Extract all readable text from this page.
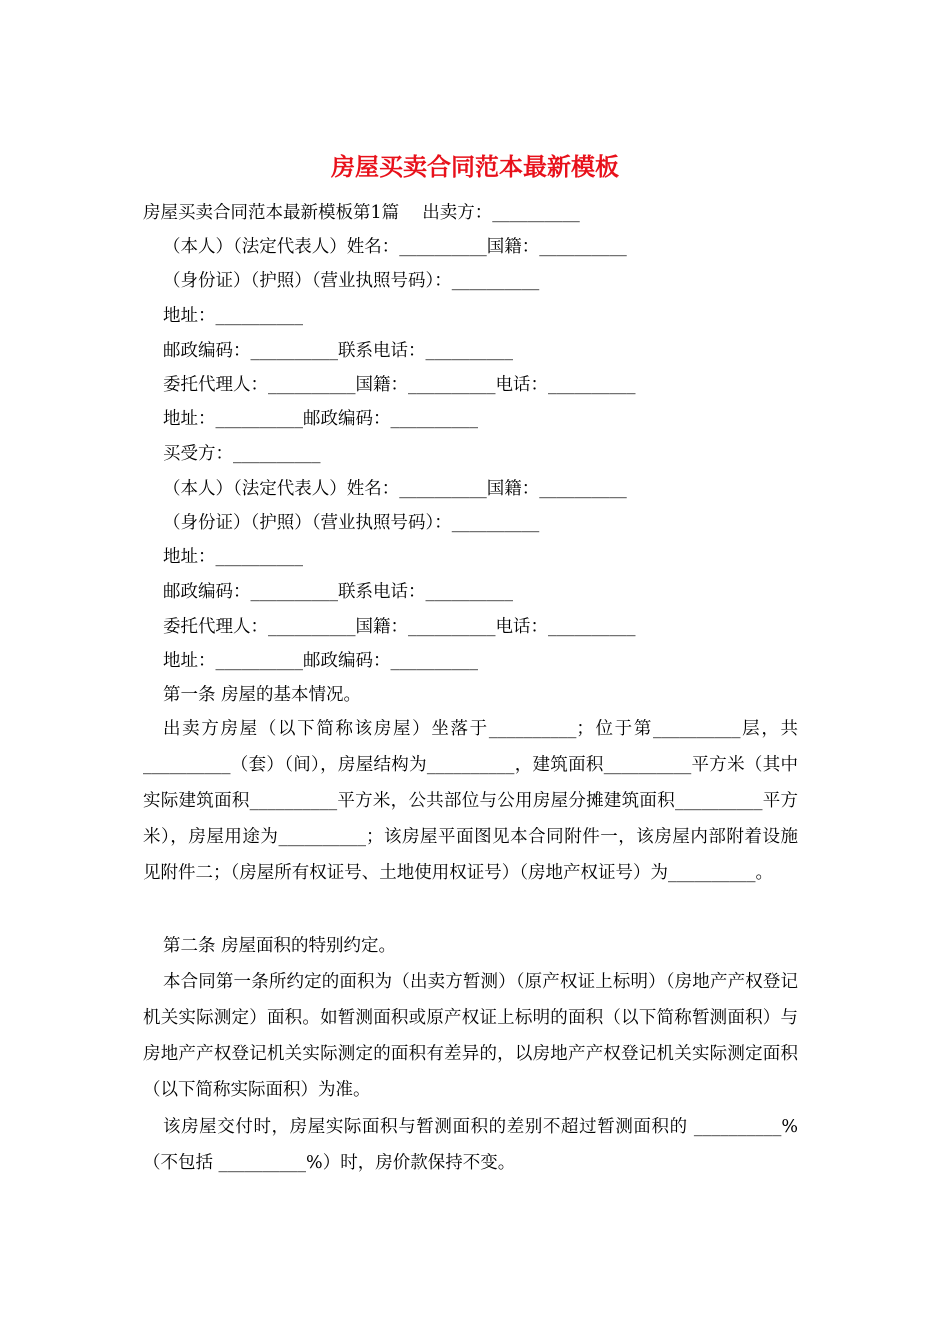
房屋买卖合同范本最新模板
房屋买卖合同范本最新模板第1篇　 出卖方：__________
（本人）（法定代表人）姓名：__________国籍：__________
（身份证）（护照）（营业执照号码）：__________
地址：__________
邮政编码：__________联系电话：__________
委托代理人：__________国籍：__________电话：__________
地址：__________邮政编码：__________
买受方：__________
（本人）（法定代表人）姓名：__________国籍：__________
（身份证）（护照）（营业执照号码）：__________
地址：__________
邮政编码：__________联系电话：__________
委托代理人：__________国籍：__________电话：__________
地址：__________邮政编码：__________
第一条 房屋的基本情况。

出卖方房屋（以下简称该房屋）坐落于__________；位于第__________层，共__________（套）（间），房屋结构为__________，建筑面积__________平方米（其中实际建筑面积__________平方米，公共部位与公用房屋分摊建筑面积__________平方米），房屋用途为__________；该房屋平面图见本合同附件一，该房屋内部附着设施见附件二；（房屋所有权证号、土地使用权证号）（房地产权证号）为__________。

第二条 房屋面积的特别约定。

本合同第一条所约定的面积为（出卖方暂测）（原产权证上标明）（房地产产权登记机关实际测定）面积。如暂测面积或原产权证上标明的面积（以下简称暂测面积）与房地产产权登记机关实际测定的面积有差异的，以房地产产权登记机关实际测定面积（以下简称实际面积）为准。

该房屋交付时，房屋实际面积与暂测面积的差别不超过暂测面积的 __________%（不包括 __________%）时，房价款保持不变。
